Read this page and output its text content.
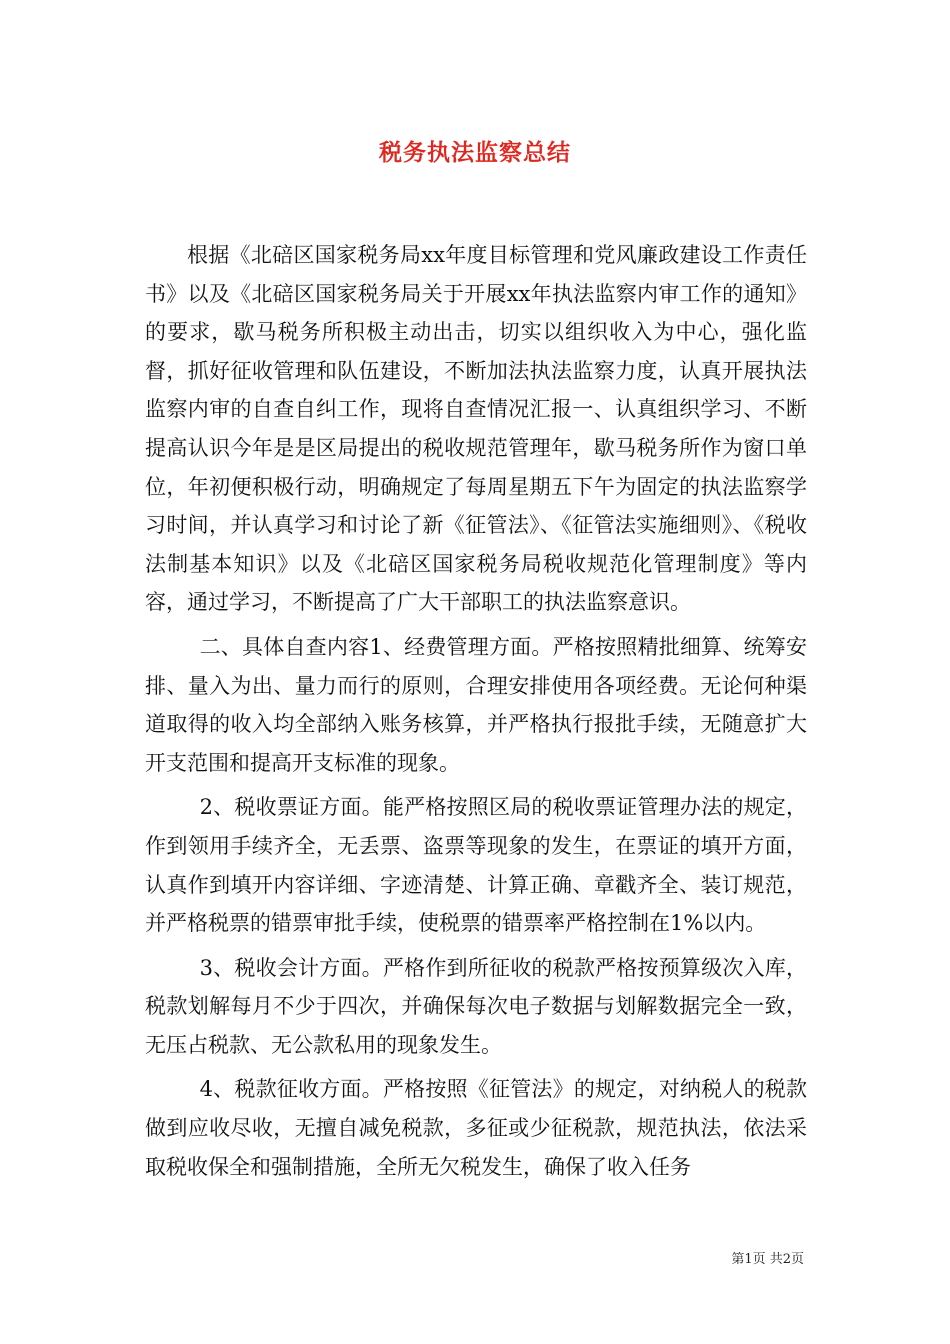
税务执法监察总结

根据《北碚区国家税务局xx年度目标管理和党风廉政建设工作责任书》以及《北碚区国家税务局关于开展xx年执法监察内审工作的通知》的要求，歇马税务所积极主动出击，切实以组织收入为中心，强化监督，抓好征收管理和队伍建设，不断加法执法监察力度，认真开展执法监察内审的自查自纠工作，现将自查情况汇报一、认真组织学习、不断提高认识今年是是区局提出的税收规范管理年，歇马税务所作为窗口单位，年初便积极行动，明确规定了每周星期五下午为固定的执法监察学习时间，并认真学习和讨论了新《征管法》、《征管法实施细则》、《税收法制基本知识》以及《北碚区国家税务局税收规范化管理制度》等内容，通过学习，不断提高了广大干部职工的执法监察意识。

二、具体自查内容1、经费管理方面。严格按照精批细算、统筹安排、量入为出、量力而行的原则，合理安排使用各项经费。无论何种渠道取得的收入均全部纳入账务核算，并严格执行报批手续，无随意扩大开支范围和提高开支标准的现象。

2、税收票证方面。能严格按照区局的税收票证管理办法的规定，作到领用手续齐全，无丢票、盗票等现象的发生，在票证的填开方面，认真作到填开内容详细、字迹清楚、计算正确、章戳齐全、装订规范，并严格税票的错票审批手续，使税票的错票率严格控制在1%以内。

3、税收会计方面。严格作到所征收的税款严格按预算级次入库，税款划解每月不少于四次，并确保每次电子数据与划解数据完全一致，无压占税款、无公款私用的现象发生。

4、税款征收方面。严格按照《征管法》的规定，对纳税人的税款做到应收尽收，无擅自减免税款，多征或少征税款，规范执法，依法采取税收保全和强制措施，全所无欠税发生，确保了收入任务

第1页 共2页
